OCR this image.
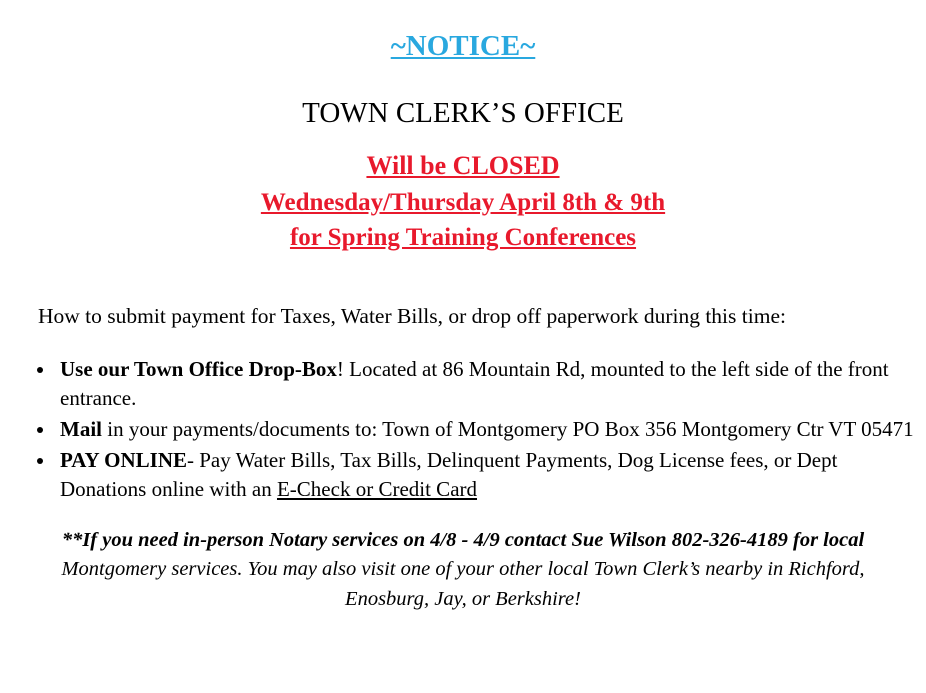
~NOTICE~
TOWN CLERK’S OFFICE
Will be CLOSED
Wednesday/Thursday April 8th & 9th
for Spring Training Conferences
How to submit payment for Taxes, Water Bills, or drop off paperwork during this time:
• Use our Town Office Drop-Box! Located at 86 Mountain Rd, mounted to the left side of the front entrance.
• Mail in your payments/documents to: Town of Montgomery PO Box 356 Montgomery Ctr VT 05471
• PAY ONLINE- Pay Water Bills, Tax Bills, Delinquent Payments, Dog License fees, or Dept Donations online with an E-Check or Credit Card
**If you need in-person Notary services on 4/8 - 4/9 contact Sue Wilson 802-326-4189 for local Montgomery services. You may also visit one of your other local Town Clerk’s nearby in Richford, Enosburg, Jay, or Berkshire!
